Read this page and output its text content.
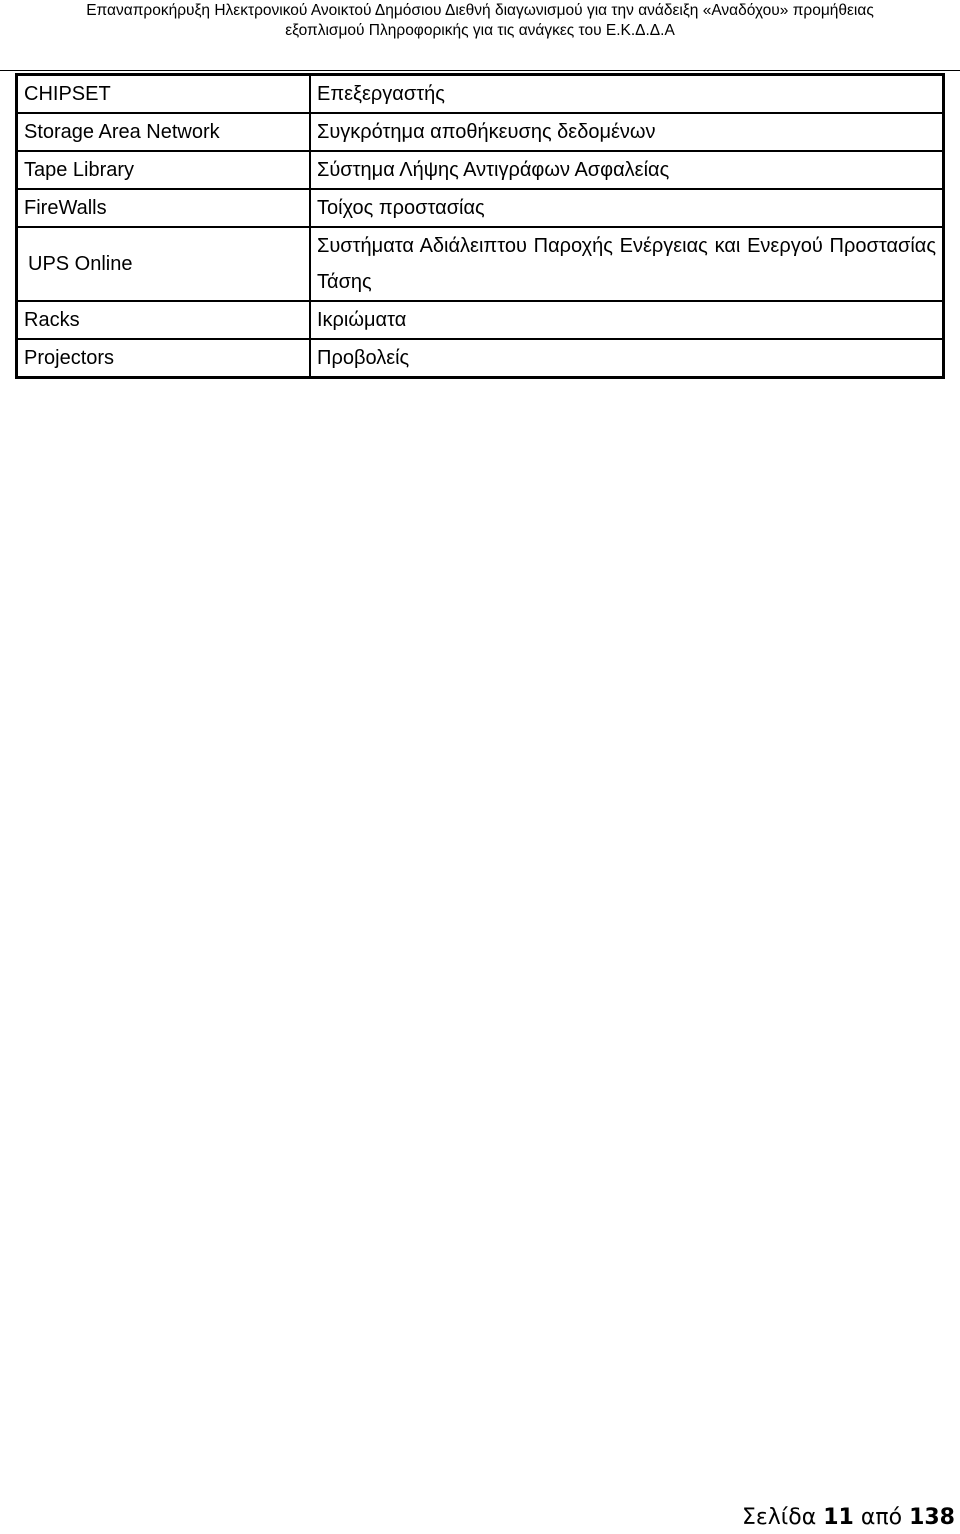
Επαναπροκήρυξη Ηλεκτρονικού Ανοικτού Δημόσιου Διεθνή διαγωνισμού για την ανάδειξη «Αναδόχου» προμήθειας
εξοπλισμού Πληροφορικής για τις ανάγκες του Ε.Κ.Δ.Δ.Α
CHIPSET	Επεξεργαστής
Storage Area Network	Συγκρότημα αποθήκευσης δεδομένων
Tape Library	Σύστημα Λήψης Αντιγράφων Ασφαλείας
FireWalls	Τοίχος προστασίας
UPS Online	Συστήματα Αδιάλειπτου Παροχής Ενέργειας και Ενεργού Προστασίας Τάσης
Racks	Ικριώματα
Projectors	Προβολείς
Σελίδα 11 από 138
